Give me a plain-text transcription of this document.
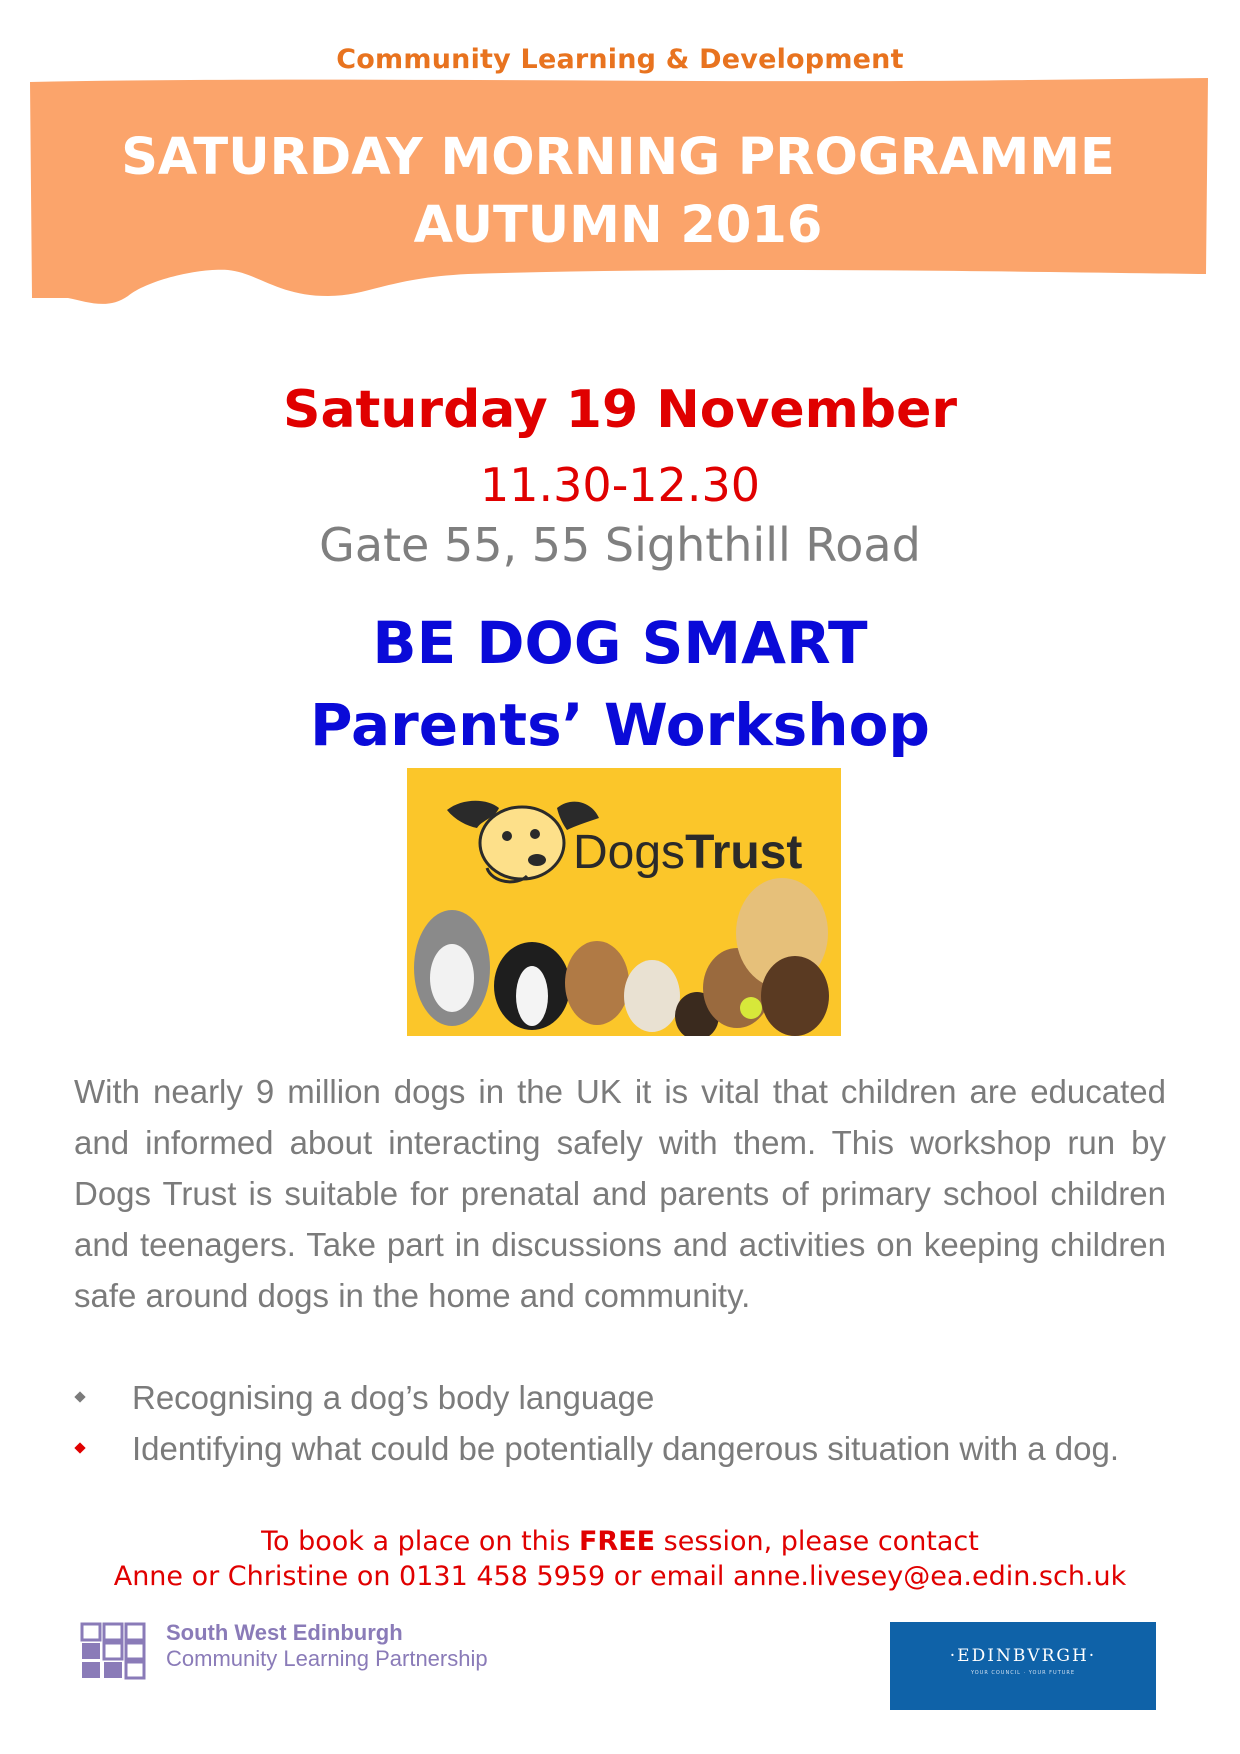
Community Learning & Development
SATURDAY MORNING PROGRAMME
AUTUMN 2016
Saturday 19 November
11.30-12.30
Gate 55, 55 Sighthill Road
BE DOG SMART
Parents’ Workshop
DogsTrust
With nearly 9 million dogs in the UK it is vital that children are educated and informed about interacting safely with them. This workshop run by Dogs Trust is suitable for prenatal and parents of primary school children and teenagers. Take part in discussions and activities on keeping children safe around dogs in the home and community.
Recognising a dog’s body language
Identifying what could be potentially dangerous situation with a dog.
To book a place on this FREE session, please contact
Anne or Christine on 0131 458 5959 or email anne.livesey@ea.edin.sch.uk
South West Edinburgh
Community Learning Partnership	·EDINBVRGH·
YOUR COUNCIL · YOUR FUTURE
